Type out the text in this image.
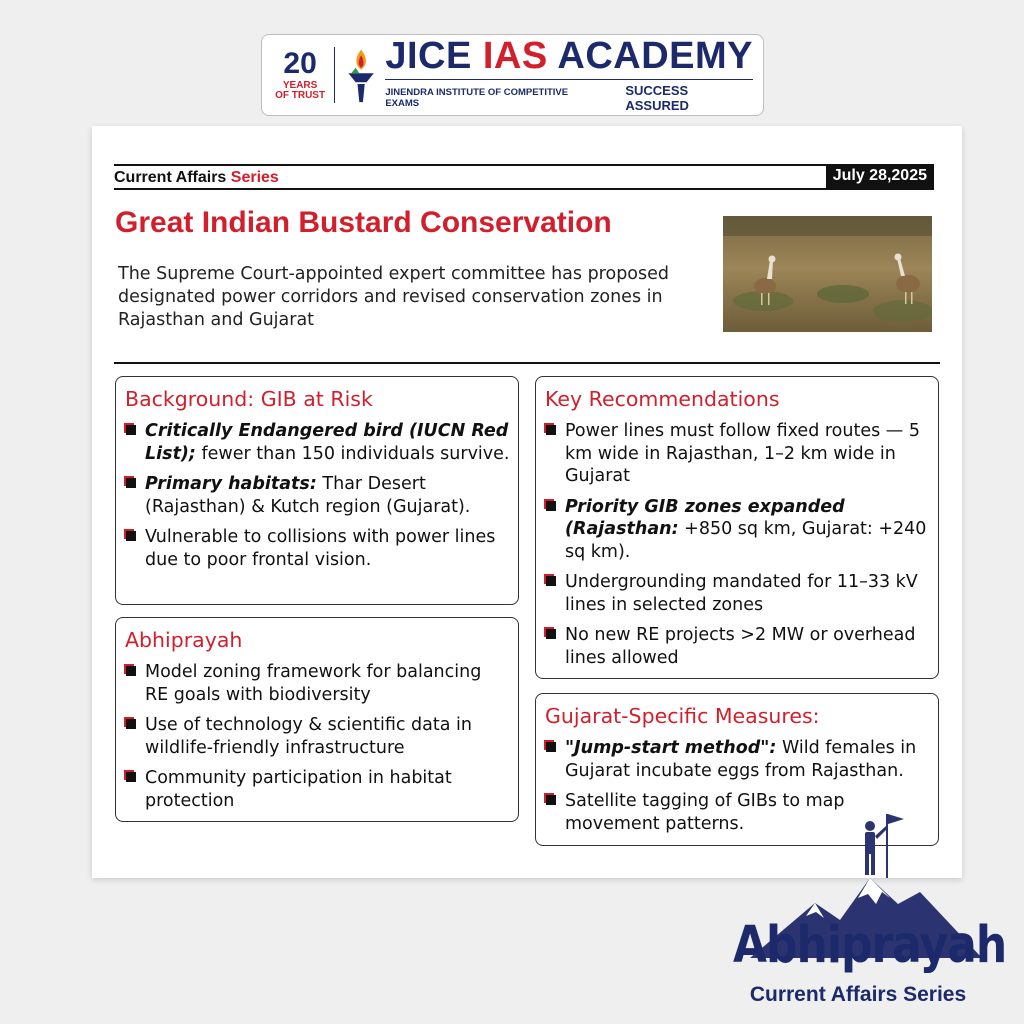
20
YEARS
OF TRUST
JICE IAS ACADEMY
JINENDRA INSTITUTE OF COMPETITIVE EXAMS
SUCCESS ASSURED
Current Affairs Series	July 28,2025
Great Indian Bustard Conservation

The Supreme Court-appointed expert committee has proposed designated power corridors and revised conservation zones in Rajasthan and Gujarat

Background: GIB at Risk
Critically Endangered bird (IUCN Red List); fewer than 150 individuals survive.
Primary habitats: Thar Desert (Rajasthan) & Kutch region (Gujarat).
Vulnerable to collisions with power lines due to poor frontal vision.
Abhiprayah
Model zoning framework for balancing RE goals with biodiversity
Use of technology & scientific data in wildlife-friendly infrastructure
Community participation in habitat protection
Key Recommendations
Power lines must follow fixed routes — 5 km wide in Rajasthan, 1–2 km wide in Gujarat
Priority GIB zones expanded (Rajasthan: +850 sq km, Gujarat: +240 sq km).
Undergrounding mandated for 11–33 kV lines in selected zones
No new RE projects >2 MW or overhead lines allowed
Gujarat-Specific Measures:
"Jump-start method": Wild females in Gujarat incubate eggs from Rajasthan.
Satellite tagging of GIBs to map movement patterns.
Abhiprayah
Current Affairs Series
